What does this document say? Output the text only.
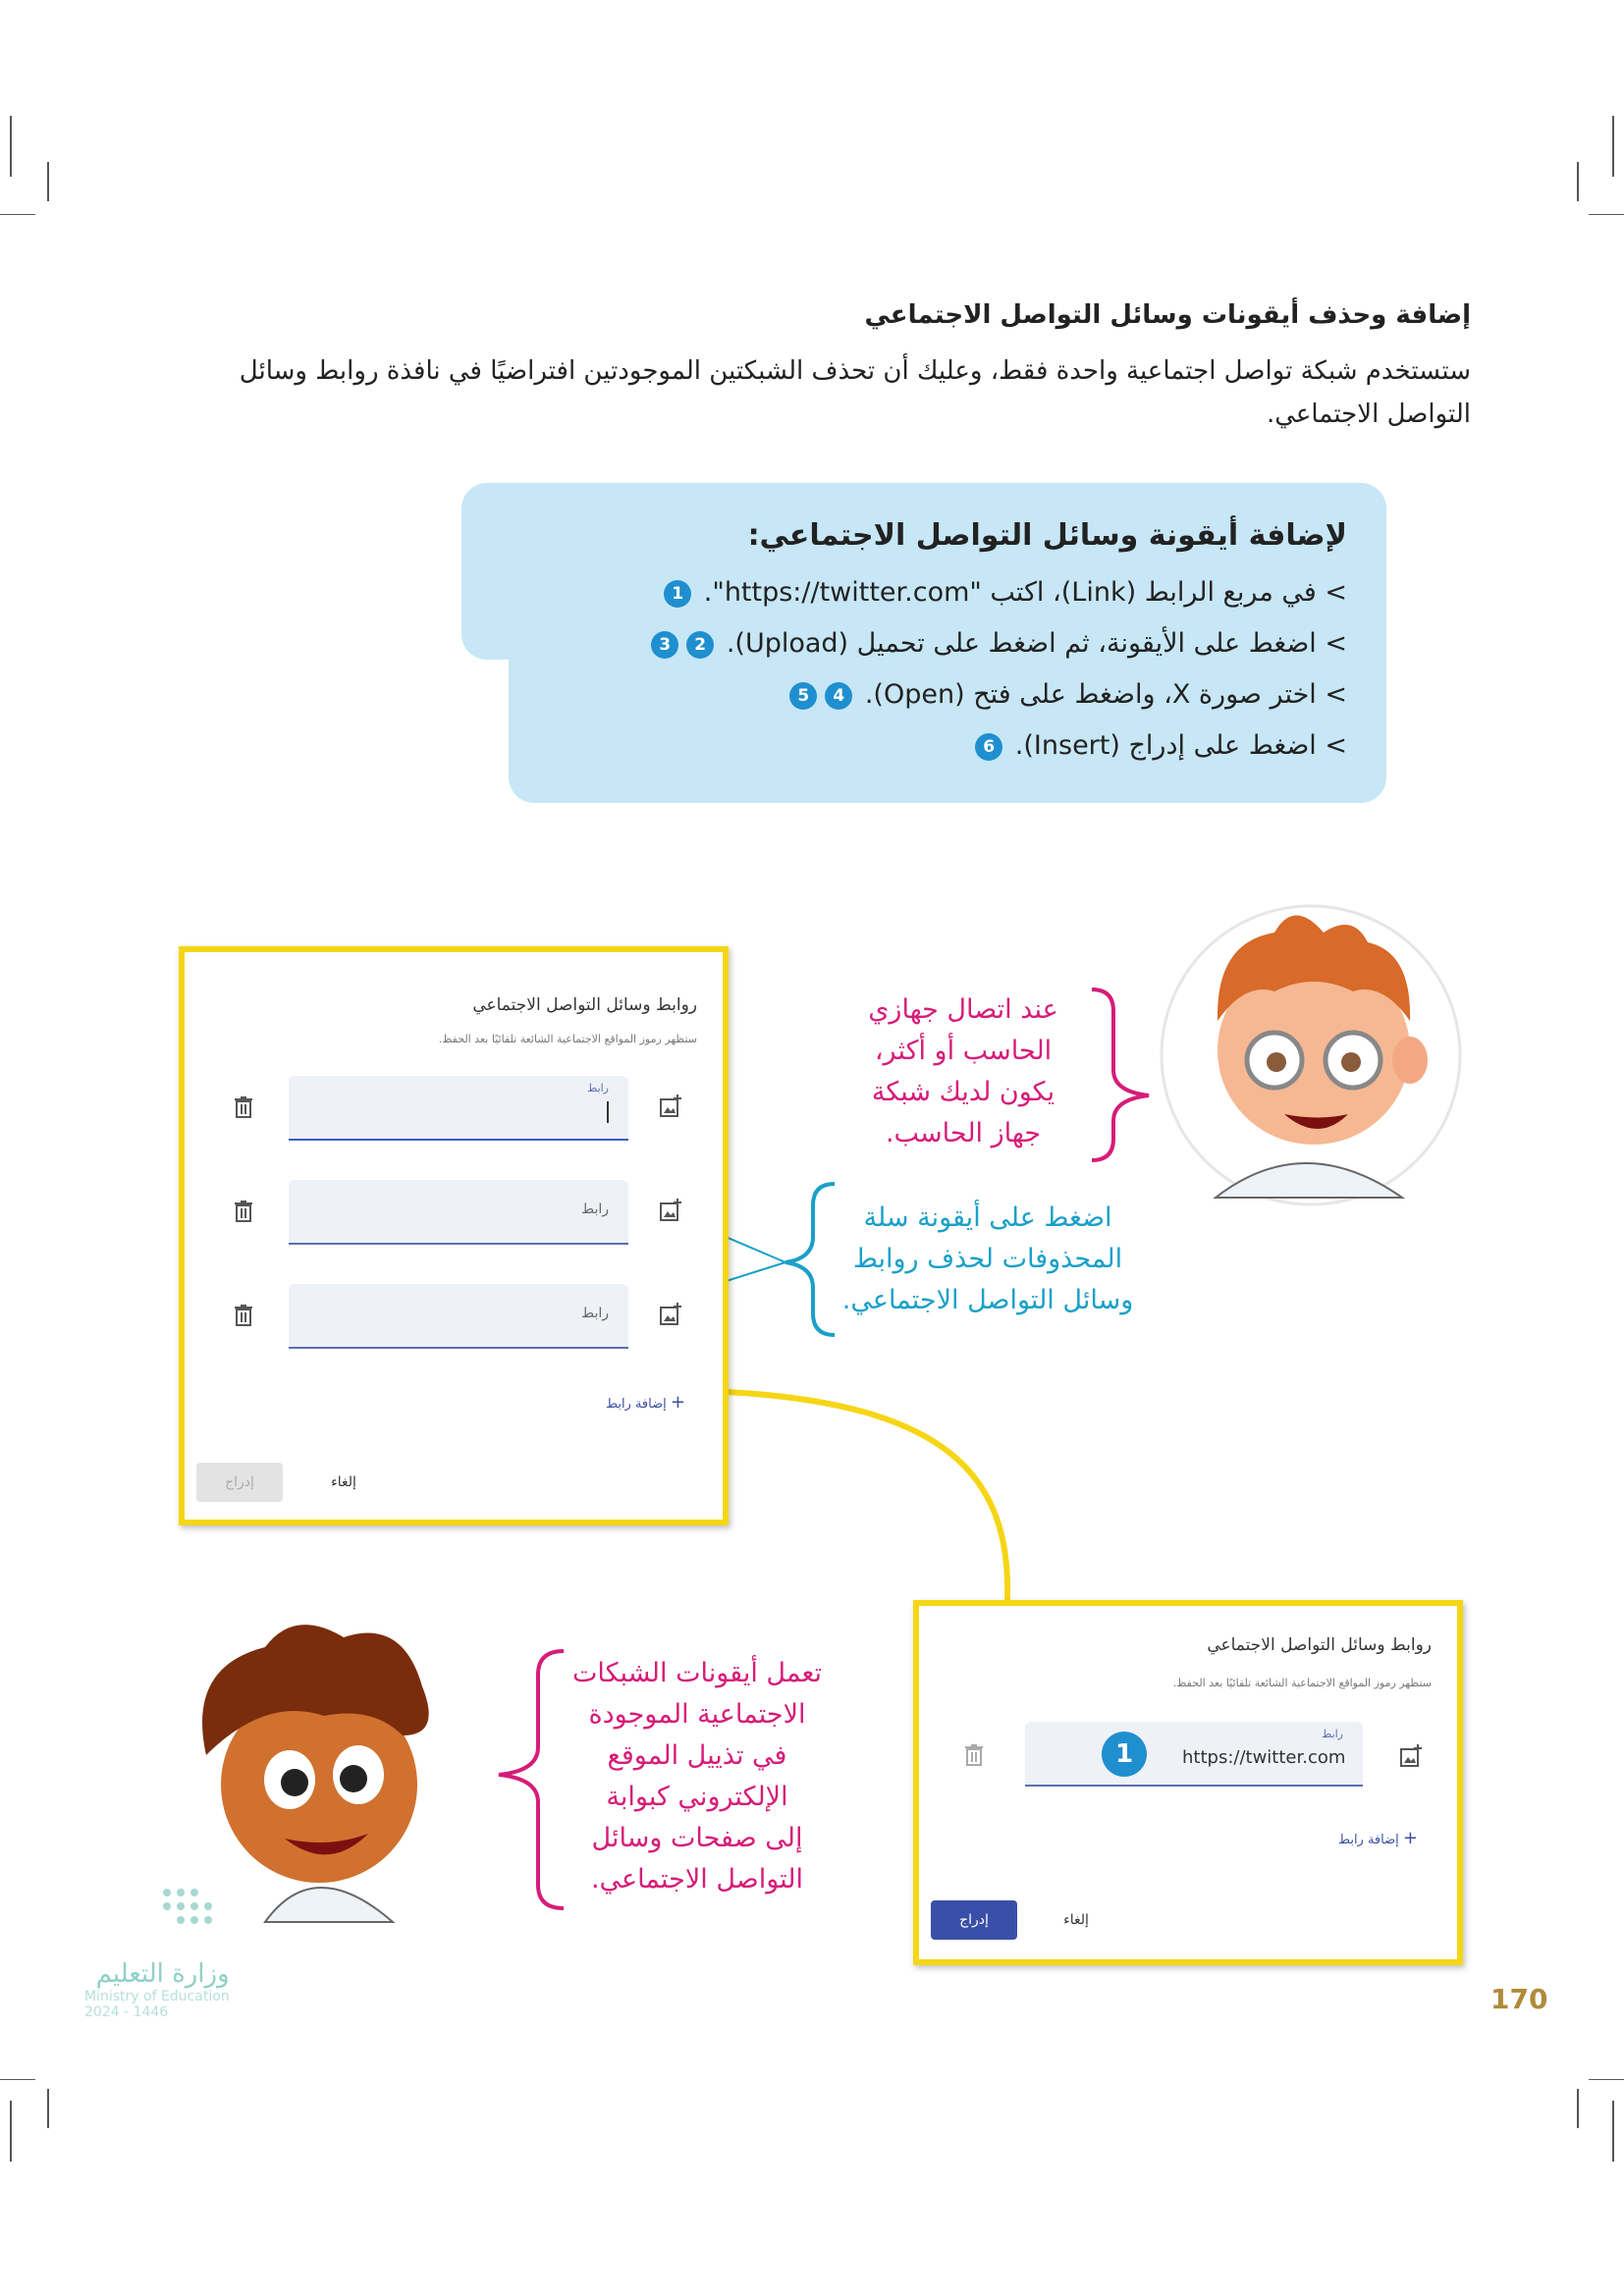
إضافة وحذف أيقونات وسائل التواصل الاجتماعي
ستستخدم شبكة تواصل اجتماعية واحدة فقط، وعليك أن تحذف الشبكتين الموجودتين افتراضيًا في نافذة روابط وسائل التواصل الاجتماعي.
لإضافة أيقونة وسائل التواصل الاجتماعي:
> في مربع الرابط (Link)، اكتب "https://twitter.com". 1
> اضغط على الأيقونة، ثم اضغط على تحميل (Upload). 23
> اختر صورة X، واضغط على فتح (Open). 45
> اضغط على إدراج (Insert). 6
روابط وسائل التواصل الاجتماعي
ستظهر رموز المواقع الاجتماعية الشائعة تلقائيًا بعد الحفظ.
رابط
رابط
رابط
+ إضافة رابط
إدراج	إلغاء
روابط وسائل التواصل الاجتماعي
ستظهر رموز المواقع الاجتماعية الشائعة تلقائيًا بعد الحفظ.
رابط
https://twitter.com
1
+ إضافة رابط
إدراج	إلغاء
عند اتصال جهازي
الحاسب أو أكثر،
يكون لديك شبكة
جهاز الحاسب.
اضغط على أيقونة سلة
المحذوفات لحذف روابط
وسائل التواصل الاجتماعي.
تعمل أيقونات الشبكات
الاجتماعية الموجودة
في تذييل الموقع
الإلكتروني كبوابة
إلى صفحات وسائل
التواصل الاجتماعي.
وزارة التعليم
Ministry of Education
2024 - 1446	170
